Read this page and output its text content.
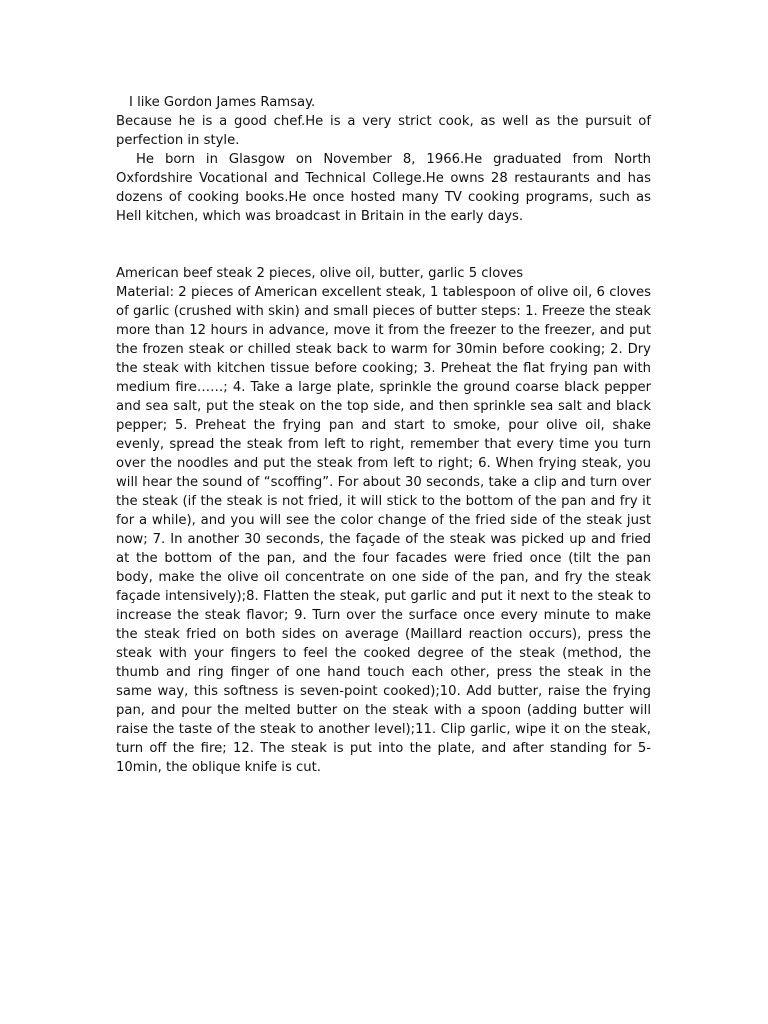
I like Gordon James Ramsay.

Because he is a good chef.He is a very strict cook, as well as the pursuit of perfection in style.

He born in Glasgow on November 8, 1966.He graduated from North Oxfordshire Vocational and Technical College.He owns 28 restaurants and has dozens of cooking books.He once hosted many TV cooking programs, such as Hell kitchen, which was broadcast in Britain in the early days.

American beef steak 2 pieces, olive oil, butter, garlic 5 cloves

Material: 2 pieces of American excellent steak, 1 tablespoon of olive oil, 6 cloves of garlic (crushed with skin) and small pieces of butter steps: 1. Freeze the steak more than 12 hours in advance, move it from the freezer to the freezer, and put the frozen steak or chilled steak back to warm for 30min before cooking; 2. Dry the steak with kitchen tissue before cooking; 3. Preheat the flat frying pan with medium fire……; 4. Take a large plate, sprinkle the ground coarse black pepper and sea salt, put the steak on the top side, and then sprinkle sea salt and black pepper; 5. Preheat the frying pan and start to smoke, pour olive oil, shake evenly, spread the steak from left to right, remember that every time you turn over the noodles and put the steak from left to right; 6. When frying steak, you will hear the sound of “scoffing”. For about 30 seconds, take a clip and turn over the steak (if the steak is not fried, it will stick to the bottom of the pan and fry it for a while), and you will see the color change of the fried side of the steak just now; 7. In another 30 seconds, the façade of the steak was picked up and fried at the bottom of the pan, and the four facades were fried once (tilt the pan body, make the olive oil concentrate on one side of the pan, and fry the steak façade intensively);8. Flatten the steak, put garlic and put it next to the steak to increase the steak flavor; 9. Turn over the surface once every minute to make the steak fried on both sides on average (Maillard reaction occurs), press the steak with your fingers to feel the cooked degree of the steak (method, the thumb and ring finger of one hand touch each other, press the steak in the same way, this softness is seven-point cooked);10. Add butter, raise the frying pan, and pour the melted butter on the steak with a spoon (adding butter will raise the taste of the steak to another level);11. Clip garlic, wipe it on the steak, turn off the fire; 12. The steak is put into the plate, and after standing for 5-10min, the oblique knife is cut.
